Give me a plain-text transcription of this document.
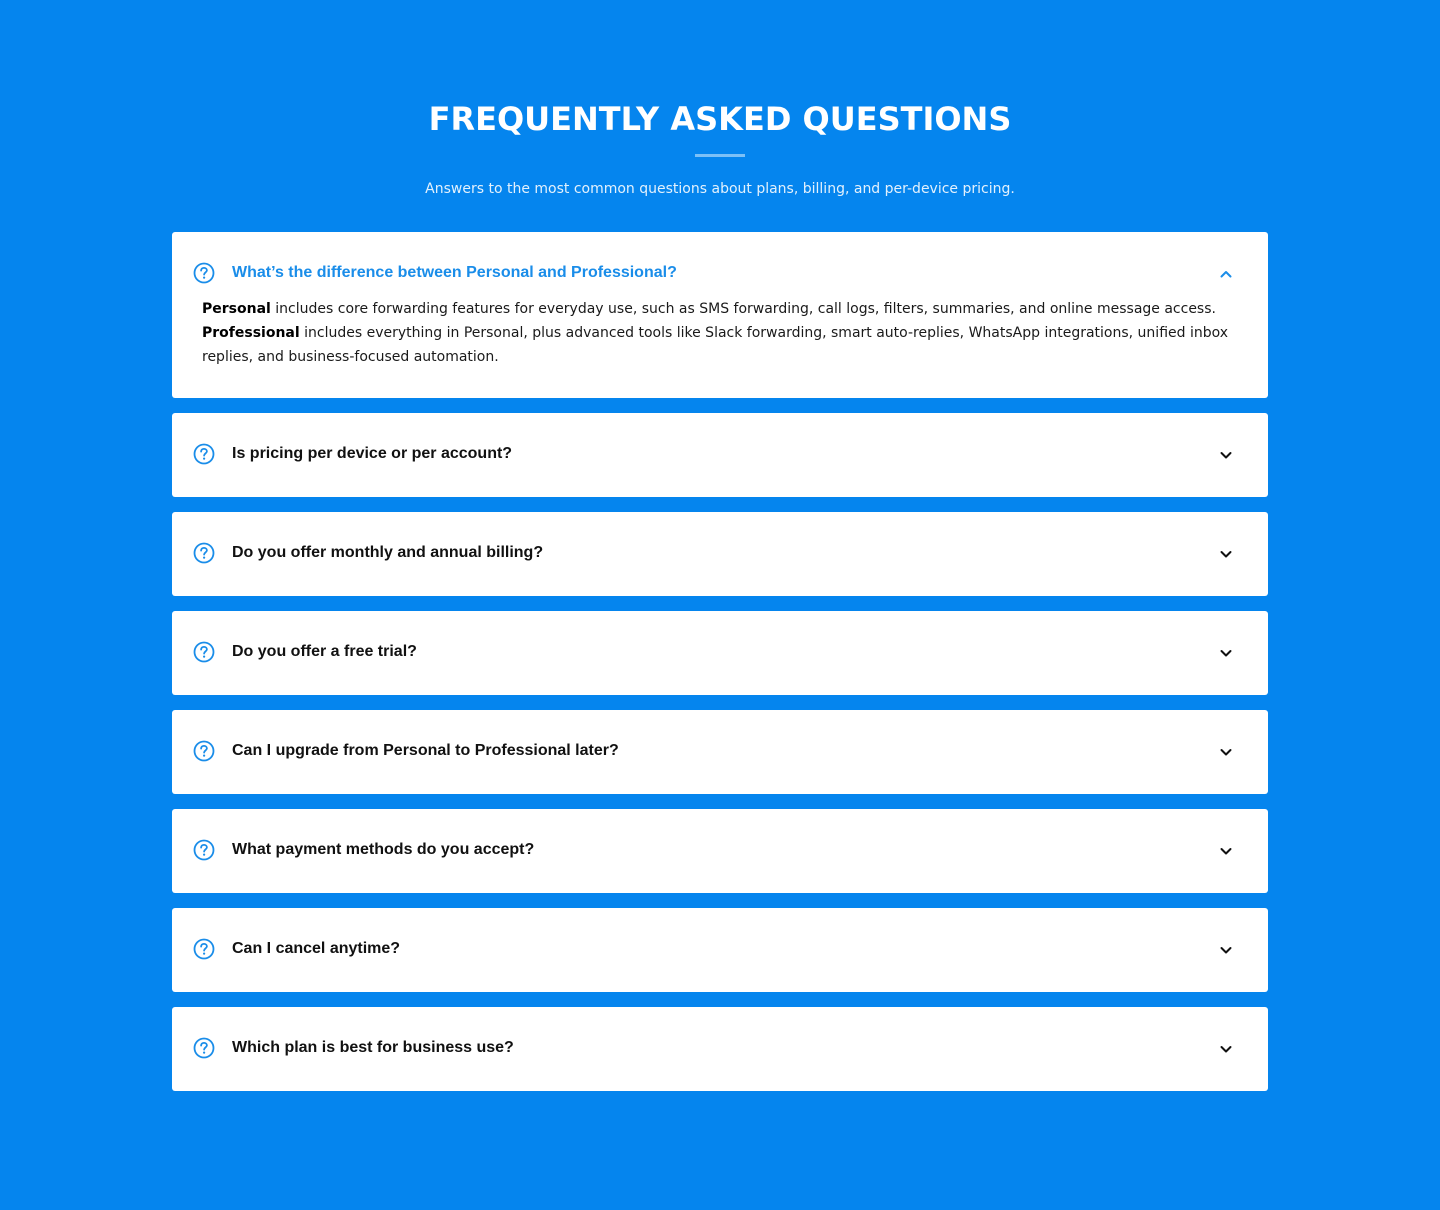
FREQUENTLY ASKED QUESTIONS

Answers to the most common questions about plans, billing, and per-device pricing.

What’s the difference between Personal and Professional?

Personal includes core forwarding features for everyday use, such as SMS forwarding, call logs, filters, summaries, and online message access. Professional includes everything in Personal, plus advanced tools like Slack forwarding, smart auto-replies, WhatsApp integrations, unified inbox replies, and business-focused automation.

Is pricing per device or per account?
Do you offer monthly and annual billing?
Do you offer a free trial?
Can I upgrade from Personal to Professional later?
What payment methods do you accept?
Can I cancel anytime?
Which plan is best for business use?
